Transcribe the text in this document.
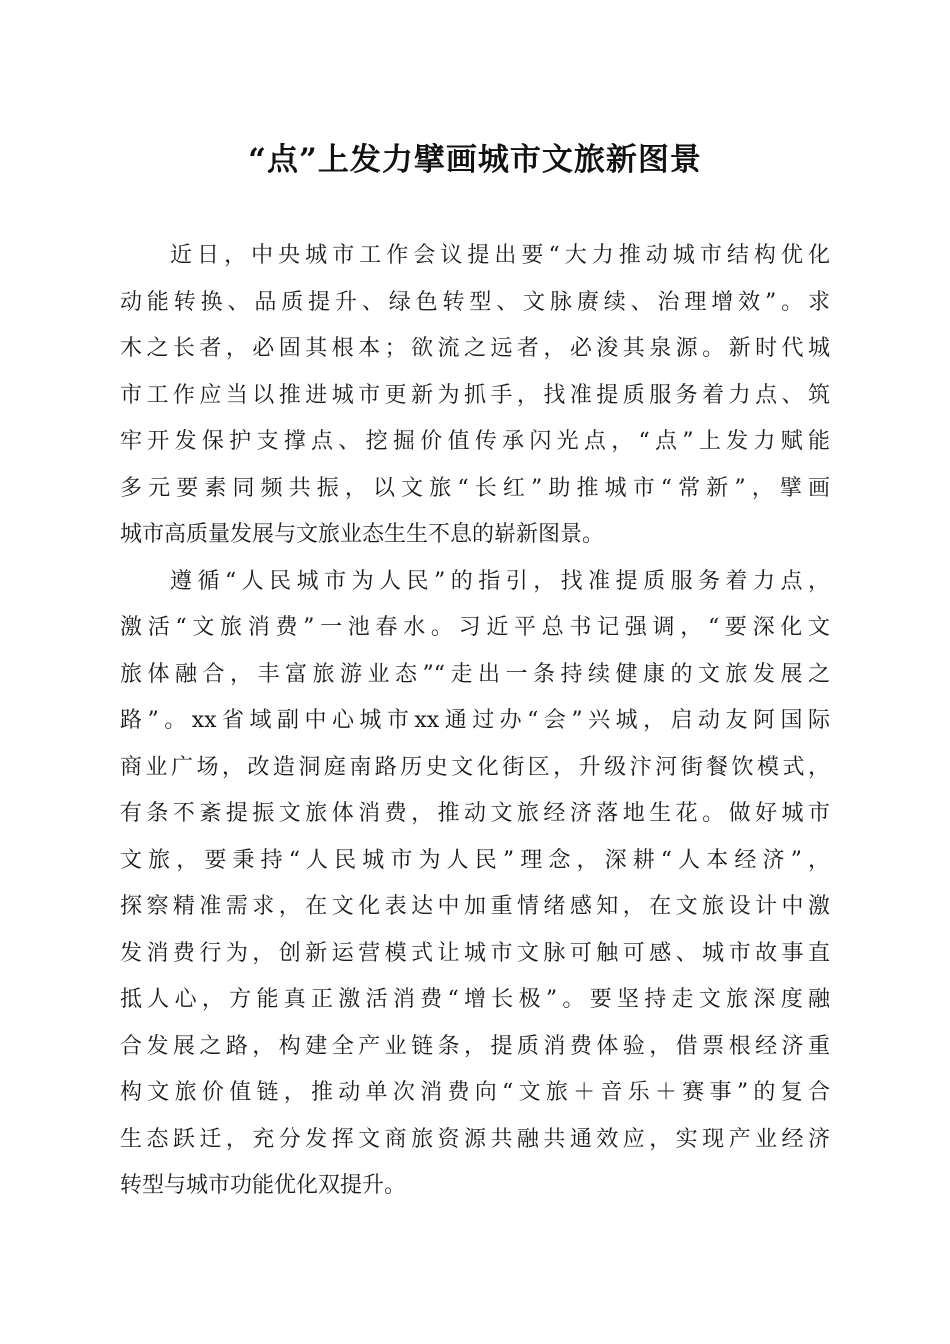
“点”上发力擘画城市文旅新图景
近日，中央城市工作会议提出要“大力推动城市结构优化
动能转换、品质提升、绿色转型、文脉赓续、治理增效”。求
木之长者，必固其根本；欲流之远者，必浚其泉源。新时代城
市工作应当以推进城市更新为抓手，找准提质服务着力点、筑
牢开发保护支撑点、挖掘价值传承闪光点，“点”上发力赋能
多元要素同频共振，以文旅“长红”助推城市“常新”，擘画
城市高质量发展与文旅业态生生不息的崭新图景。
遵循“人民城市为人民”的指引，找准提质服务着力点，
激活“文旅消费”一池春水。习近平总书记强调，“要深化文
旅体融合，丰富旅游业态”“走出一条持续健康的文旅发展之
路”。xx省域副中心城市xx通过办“会”兴城，启动友阿国际
商业广场，改造洞庭南路历史文化街区，升级汴河街餐饮模式，
有条不紊提振文旅体消费，推动文旅经济落地生花。做好城市
文旅，要秉持“人民城市为人民”理念，深耕“人本经济”，
探察精准需求，在文化表达中加重情绪感知，在文旅设计中激
发消费行为，创新运营模式让城市文脉可触可感、城市故事直
抵人心，方能真正激活消费“增长极”。要坚持走文旅深度融
合发展之路，构建全产业链条，提质消费体验，借票根经济重
构文旅价值链，推动单次消费向“文旅＋音乐＋赛事”的复合
生态跃迁，充分发挥文商旅资源共融共通效应，实现产业经济
转型与城市功能优化双提升。
